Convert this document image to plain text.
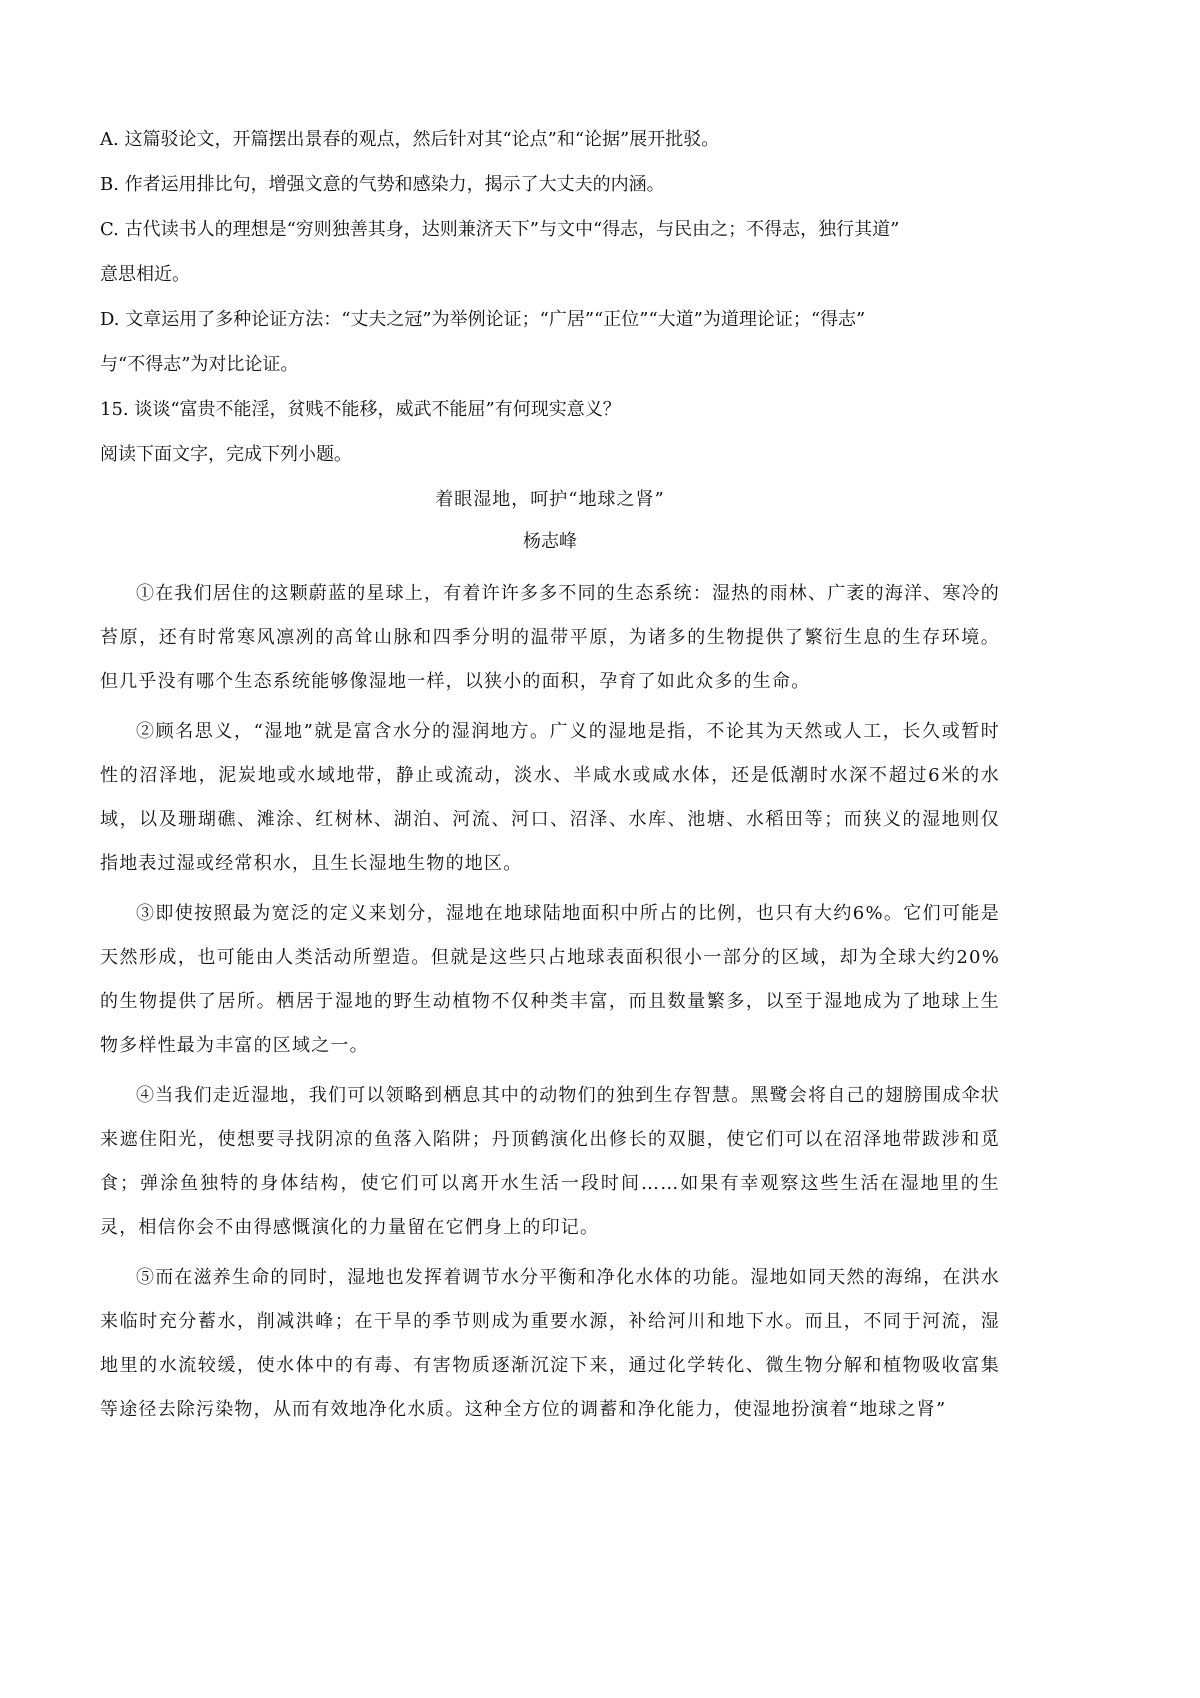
A. 这篇驳论文，开篇摆出景春的观点，然后针对其“论点”和“论据”展开批驳。

B. 作者运用排比句，增强文意的气势和感染力，揭示了大丈夫的内涵。

C. 古代读书人的理想是“穷则独善其身，达则兼济天下”与文中“得志，与民由之；不得志，独行其道”

意思相近。

D. 文章运用了多种论证方法：“丈夫之冠”为举例论证；“广居”“正位”“大道”为道理论证；“得志”

与“不得志”为对比论证。

15. 谈谈“富贵不能淫，贫贱不能移，威武不能屈”有何现实意义？

阅读下面文字，完成下列小题。

着眼湿地，呵护“地球之肾”

杨志峰

①在我们居住的这颗蔚蓝的星球上，有着许许多多不同的生态系统：湿热的雨林、广袤的海洋、寒冷的苔原，还有时常寒风凛冽的高耸山脉和四季分明的温带平原，为诸多的生物提供了繁衍生息的生存环境。但几乎没有哪个生态系统能够像湿地一样，以狭小的面积，孕育了如此众多的生命。

②顾名思义，“湿地”就是富含水分的湿润地方。广义的湿地是指，不论其为天然或人工，长久或暂时性的沼泽地，泥炭地或水域地带，静止或流动，淡水、半咸水或咸水体，还是低潮时水深不超过6米的水域，以及珊瑚礁、滩涂、红树林、湖泊、河流、河口、沼泽、水库、池塘、水稻田等；而狭义的湿地则仅指地表过湿或经常积水，且生长湿地生物的地区。

③即使按照最为宽泛的定义来划分，湿地在地球陆地面积中所占的比例，也只有大约6%。它们可能是天然形成，也可能由人类活动所塑造。但就是这些只占地球表面积很小一部分的区域，却为全球大约20%的生物提供了居所。栖居于湿地的野生动植物不仅种类丰富，而且数量繁多，以至于湿地成为了地球上生物多样性最为丰富的区域之一。

④当我们走近湿地，我们可以领略到栖息其中的动物们的独到生存智慧。黑鹭会将自己的翅膀围成伞状来遮住阳光，使想要寻找阴凉的鱼落入陷阱；丹顶鹤演化出修长的双腿，使它们可以在沼泽地带跋涉和觅食；弹涂鱼独特的身体结构，使它们可以离开水生活一段时间……如果有幸观察这些生活在湿地里的生灵，相信你会不由得感慨演化的力量留在它們身上的印记。

⑤而在滋养生命的同时，湿地也发挥着调节水分平衡和净化水体的功能。湿地如同天然的海绵，在洪水来临时充分蓄水，削减洪峰；在干旱的季节则成为重要水源，补给河川和地下水。而且，不同于河流，湿地里的水流较缓，使水体中的有毒、有害物质逐渐沉淀下来，通过化学转化、微生物分解和植物吸收富集等途径去除污染物，从而有效地净化水质。这种全方位的调蓄和净化能力，使湿地扮演着“地球之肾”
